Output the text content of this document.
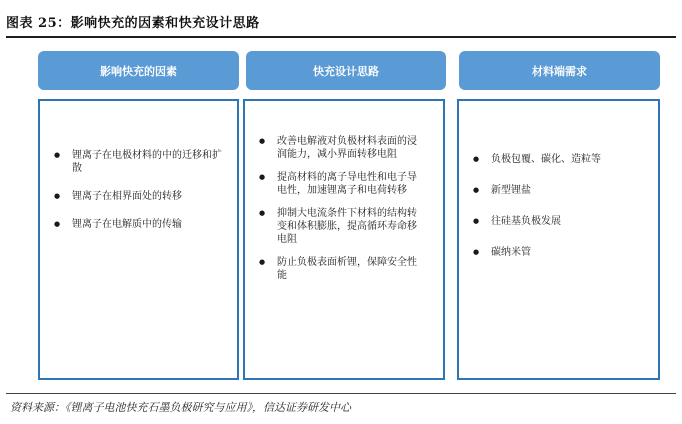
图表 25：影响快充的因素和快充设计思路
影响快充的因素
● 锂离子在电极材料的中的迁移和扩散
● 锂离子在相界面处的转移
● 锂离子在电解质中的传输
快充设计思路
● 改善电解液对负极材料表面的浸润能力，减小界面转移电阻
● 提高材料的离子导电性和电子导电性，加速锂离子和电荷转移
● 抑制大电流条件下材料的结构转变和体积膨胀，提高循环寿命移电阻
● 防止负极表面析锂，保障安全性能
材料端需求
● 负极包覆、碳化、造粒等
● 新型锂盐
● 往硅基负极发展
● 碳纳米管
资料来源：《锂离子电池快充石墨负极研究与应用》，信达证券研发中心
